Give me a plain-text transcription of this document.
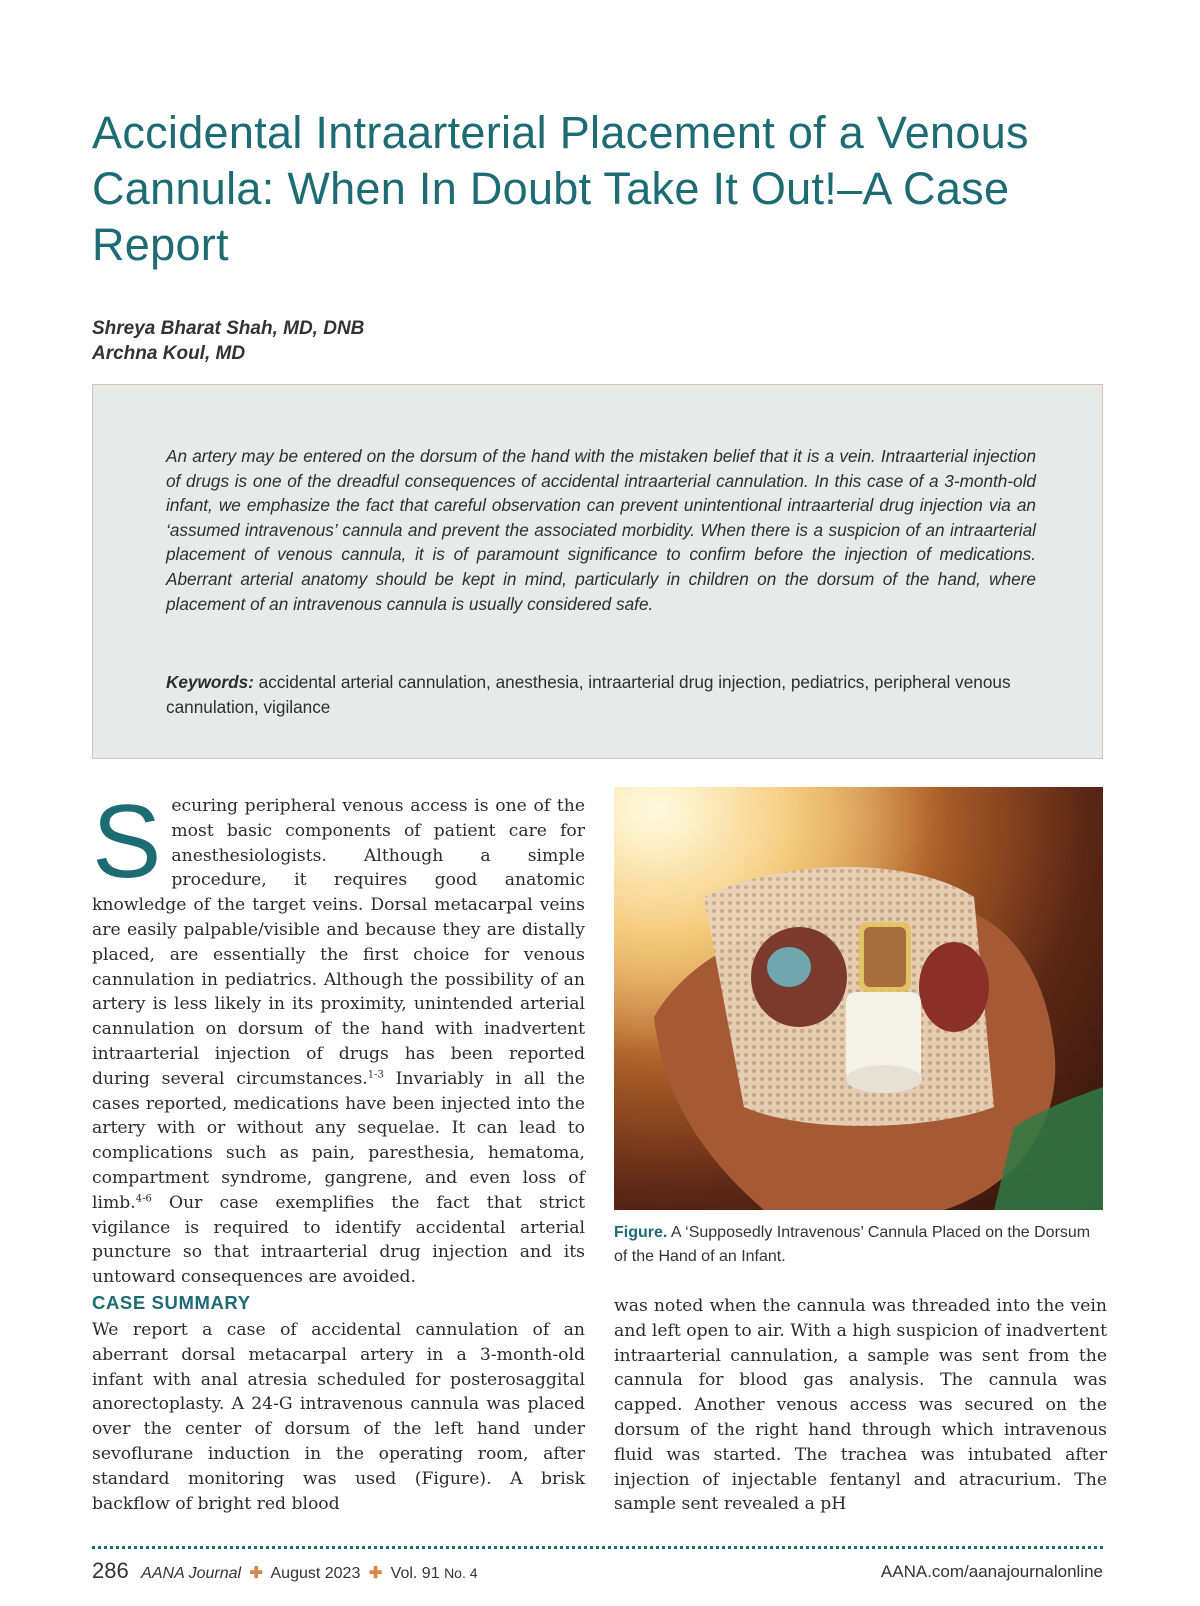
Accidental Intraarterial Placement of a Venous Cannula: When In Doubt Take It Out!–A Case Report
Shreya Bharat Shah, MD, DNB
Archna Koul, MD

An artery may be entered on the dorsum of the hand with the mistaken belief that it is a vein. Intraarterial injection of drugs is one of the dreadful consequences of accidental intraarterial cannulation. In this case of a 3-month-old infant, we emphasize the fact that careful observation can prevent unintentional intraarterial drug injection via an ‘assumed intravenous’ cannula and prevent the associated morbidity. When there is a suspicion of an intraarterial placement of venous cannula, it is of paramount significance to confirm before the injection of medications. Aberrant arterial anatomy should be kept in mind, particularly in children on the dorsum of the hand, where placement of an intravenous cannula is usually considered safe.

Keywords: accidental arterial cannulation, anesthesia, intraarterial drug injection, pediatrics, peripheral venous cannulation, vigilance

Securing peripheral venous access is one of the most basic components of patient care for anesthesiologists. Although a simple procedure, it requires good anatomic knowledge of the target veins. Dorsal metacarpal veins are easily palpable/visible and because they are distally placed, are essentially the first choice for venous cannulation in pediatrics. Although the possibility of an artery is less likely in its proximity, unintended arterial cannulation on dorsum of the hand with inadvertent intraarterial injection of drugs has been reported during several circumstances.$^{1-3}$ Invariably in all the cases reported, medications have been injected into the artery with or without any sequelae. It can lead to complications such as pain, paresthesia, hematoma, compartment syndrome, gangrene, and even loss of limb.$^{4-6}$ Our case exemplifies the fact that strict vigilance is required to identify accidental arterial puncture so that intraarterial drug injection and its untoward consequences are avoided.

CASE SUMMARY

We report a case of accidental cannulation of an aberrant dorsal metacarpal artery in a 3-month-old infant with anal atresia scheduled for posterosaggital anorectoplasty. A 24-G intravenous cannula was placed over the center of dorsum of the left hand under sevoflurane induction in the operating room, after standard monitoring was used (Figure). A brisk backflow of bright red blood

Figure. A ‘Supposedly Intravenous’ Cannula Placed on the Dorsum of the Hand of an Infant.

was noted when the cannula was threaded into the vein and left open to air. With a high suspicion of inadvertent intraarterial cannulation, a sample was sent from the cannula for blood gas analysis. The cannula was capped. Another venous access was secured on the dorsum of the right hand through which intravenous fluid was started. The trachea was intubated after injection of injectable fentanyl and atracurium. The sample sent revealed a pH

286 AANA Journal ✚ August 2023 ✚ Vol. 91 No. 4	AANA.com/aanajournalonline
